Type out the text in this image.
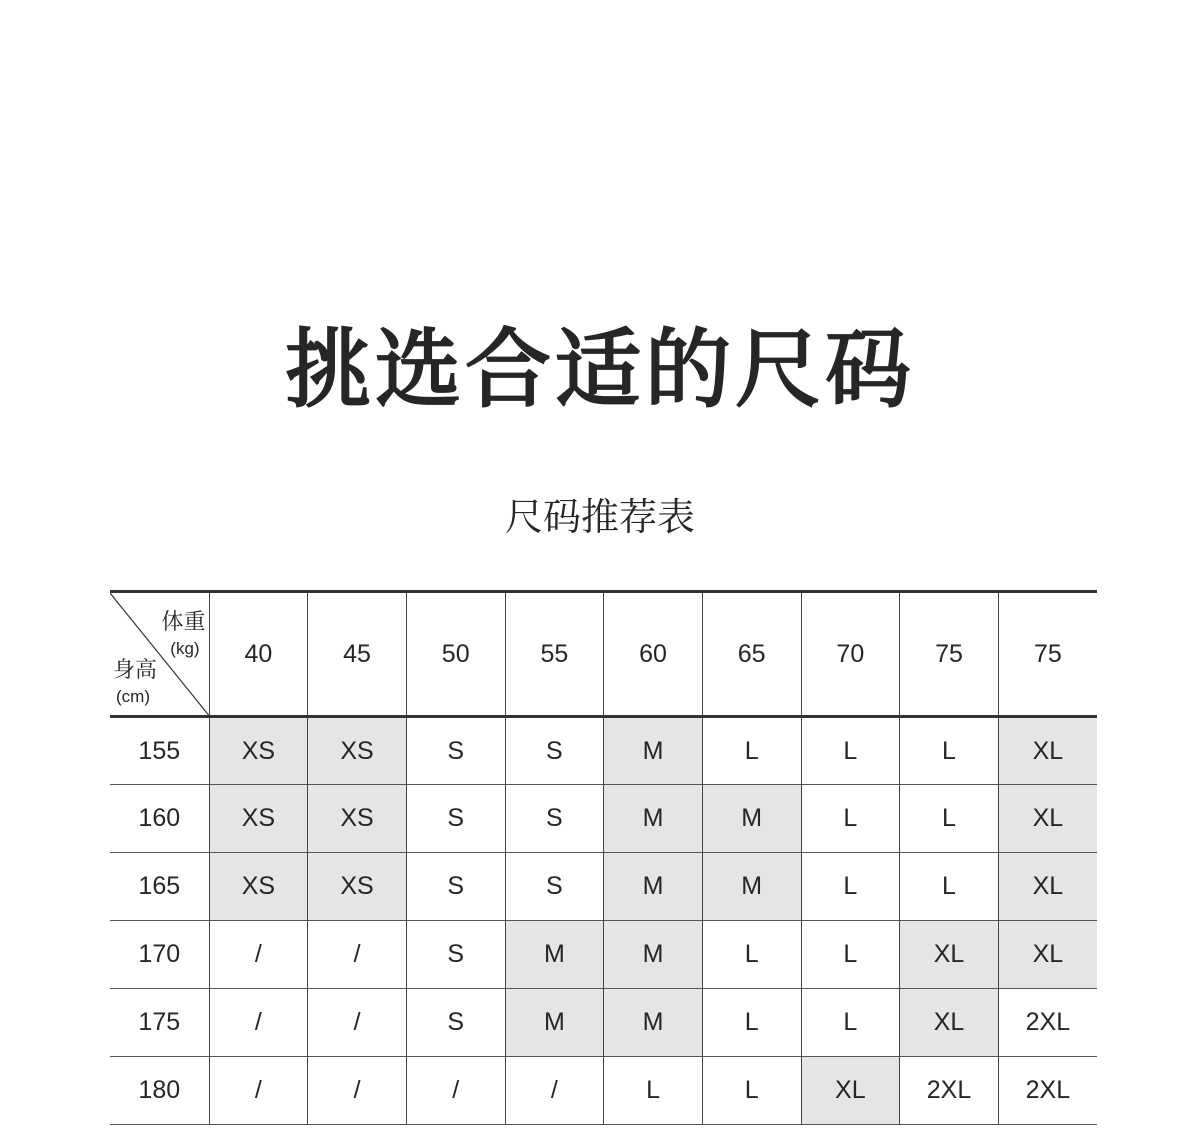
挑选合适的尺码
尺码推荐表
体重
(kg)
身高
(cm)	40	45	50	55	60	65	70	75	75
155	XS	XS	S	S	M	L	L	L	XL
160	XS	XS	S	S	M	M	L	L	XL
165	XS	XS	S	S	M	M	L	L	XL
170	/	/	S	M	M	L	L	XL	XL
175	/	/	S	M	M	L	L	XL	2XL
180	/	/	/	/	L	L	XL	2XL	2XL
